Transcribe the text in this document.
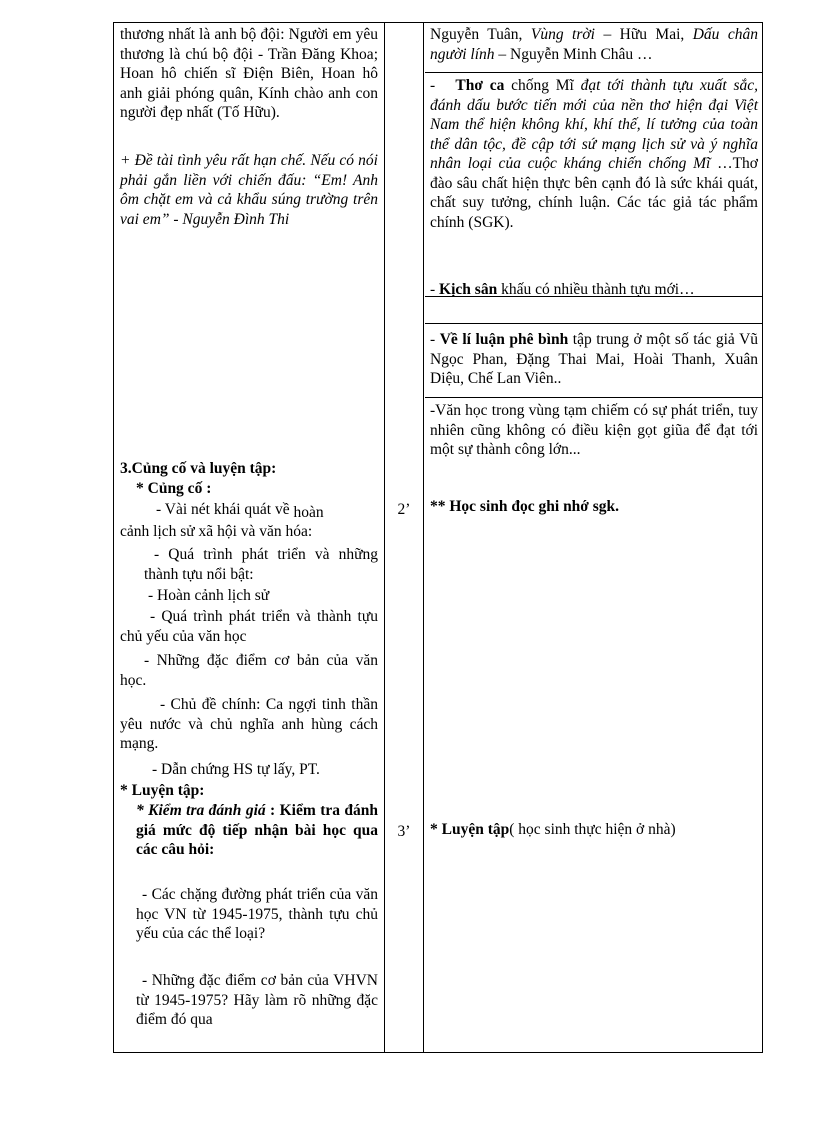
thương nhất là anh bộ đội: Người em yêu thương là chú bộ đội - Trần Đăng Khoa; Hoan hô chiến sĩ Điện Biên, Hoan hô anh giải phóng quân, Kính chào anh con người đẹp nhất (Tố Hữu).

+ Đề tài tình yêu rất hạn chế. Nếu có nói phải gắn liền với chiến đấu: “Em! Anh ôm chặt em và cả khẩu súng trường trên vai em” - Nguyễn Đình Thi

3.Củng cố và luyện tập:

* Củng cố :

- Vài nét khái quát về hoàn

cảnh lịch sử xã hội và văn hóa:

- Quá trình phát triển và những thành tựu nổi bật:

- Hoàn cảnh lịch sử

- Quá trình phát triển và thành tựu chủ yếu của văn học

- Những đặc điểm cơ bản của văn học.

- Chủ đề chính: Ca ngợi tinh thần yêu nước và chủ nghĩa anh hùng cách mạng.

- Dẫn chứng HS tự lấy, PT.

* Luyện tập:

* Kiểm tra đánh giá : Kiểm tra đánh giá mức độ tiếp nhận bài học qua các câu hỏi:

- Các chặng đường phát triển của văn học VN từ 1945-1975, thành tựu chủ yếu của các thể loại?

- Những đặc điểm cơ bản của VHVN từ 1945-1975? Hãy làm rõ những đặc điểm đó qua

2’
3’

Nguyễn Tuân, Vùng trời – Hữu Mai, Dấu chân người lính – Nguyễn Minh Châu …

- Thơ ca chống Mĩ đạt tới thành tựu xuất sắc, đánh dấu bước tiến mới của nền thơ hiện đại Việt Nam thể hiện không khí, khí thế, lí tưởng của toàn thể dân tộc, đề cập tới sứ mạng lịch sử và ý nghĩa nhân loại của cuộc kháng chiến chống Mĩ …Thơ đào sâu chất hiện thực bên cạnh đó là sức khái quát, chất suy tưởng, chính luận. Các tác giả tác phẩm chính (SGK).

- Kịch sân khấu có nhiều thành tựu mới…

- Về lí luận phê bình tập trung ở một số tác giả Vũ Ngọc Phan, Đặng Thai Mai, Hoài Thanh, Xuân Diệu, Chế Lan Viên..

-Văn học trong vùng tạm chiếm có sự phát triển, tuy nhiên cũng không có điều kiện gọt giũa để đạt tới một sự thành công lớn...

** Học sinh đọc ghi nhớ sgk.

* Luyện tập( học sinh thực hiện ở nhà)
